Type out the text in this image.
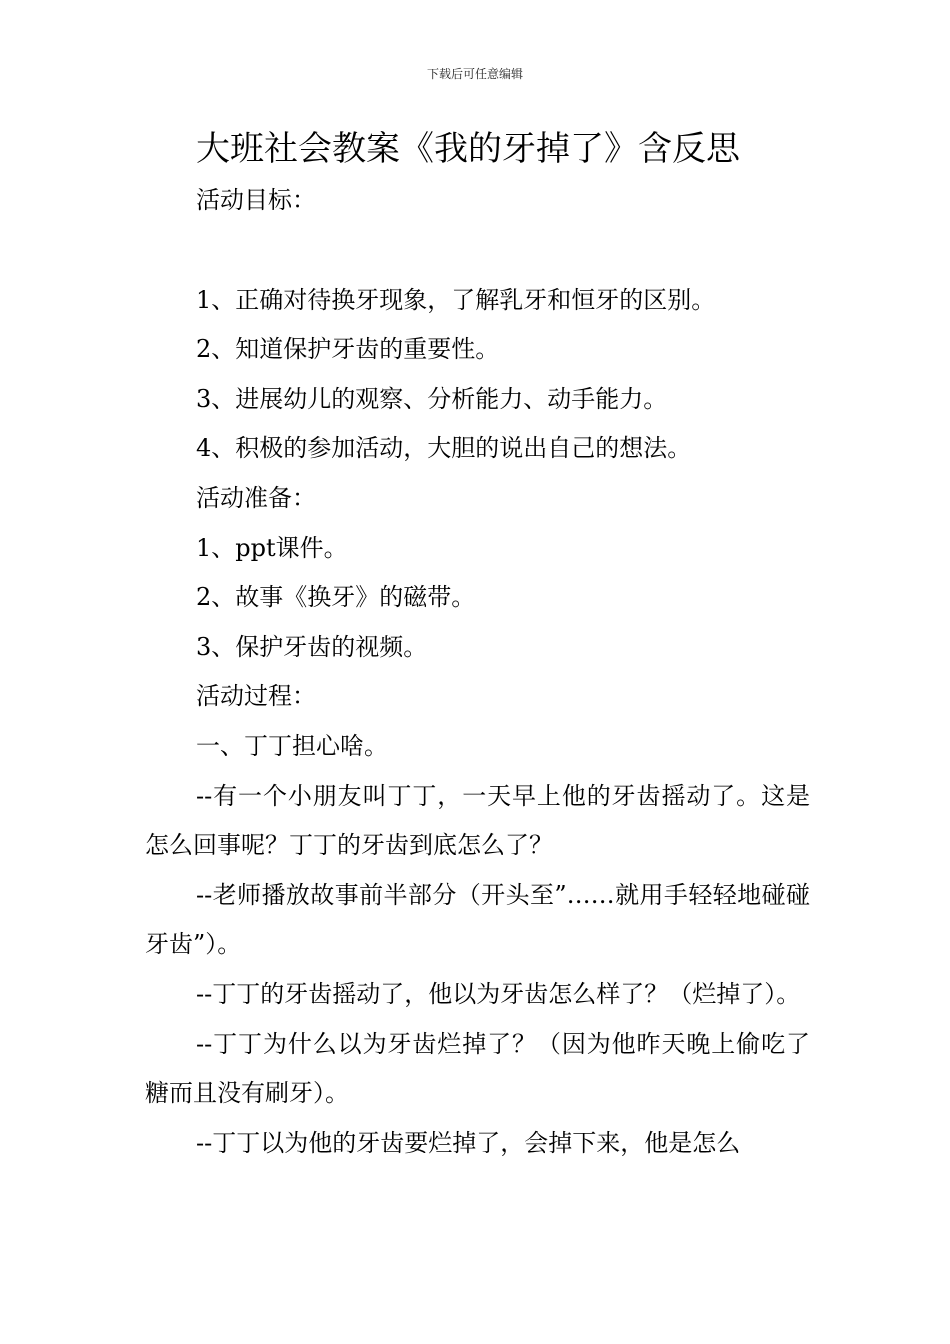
下载后可任意编辑
大班社会教案《我的牙掉了》含反思

活动目标：

1、正确对待换牙现象，了解乳牙和恒牙的区别。

2、知道保护牙齿的重要性。

3、进展幼儿的观察、分析能力、动手能力。

4、积极的参加活动，大胆的说出自己的想法。

活动准备：

1、ppt课件。

2、故事《换牙》的磁带。

3、保护牙齿的视频。

活动过程：

一、丁丁担心啥。

--有一个小朋友叫丁丁，一天早上他的牙齿摇动了。这是怎么回事呢？丁丁的牙齿到底怎么了？

--老师播放故事前半部分（开头至”……就用手轻轻地碰碰牙齿”）。

--丁丁的牙齿摇动了，他以为牙齿怎么样了？（烂掉了）。

--丁丁为什么以为牙齿烂掉了？（因为他昨天晚上偷吃了糖而且没有刷牙）。

--丁丁以为他的牙齿要烂掉了，会掉下来，他是怎么
